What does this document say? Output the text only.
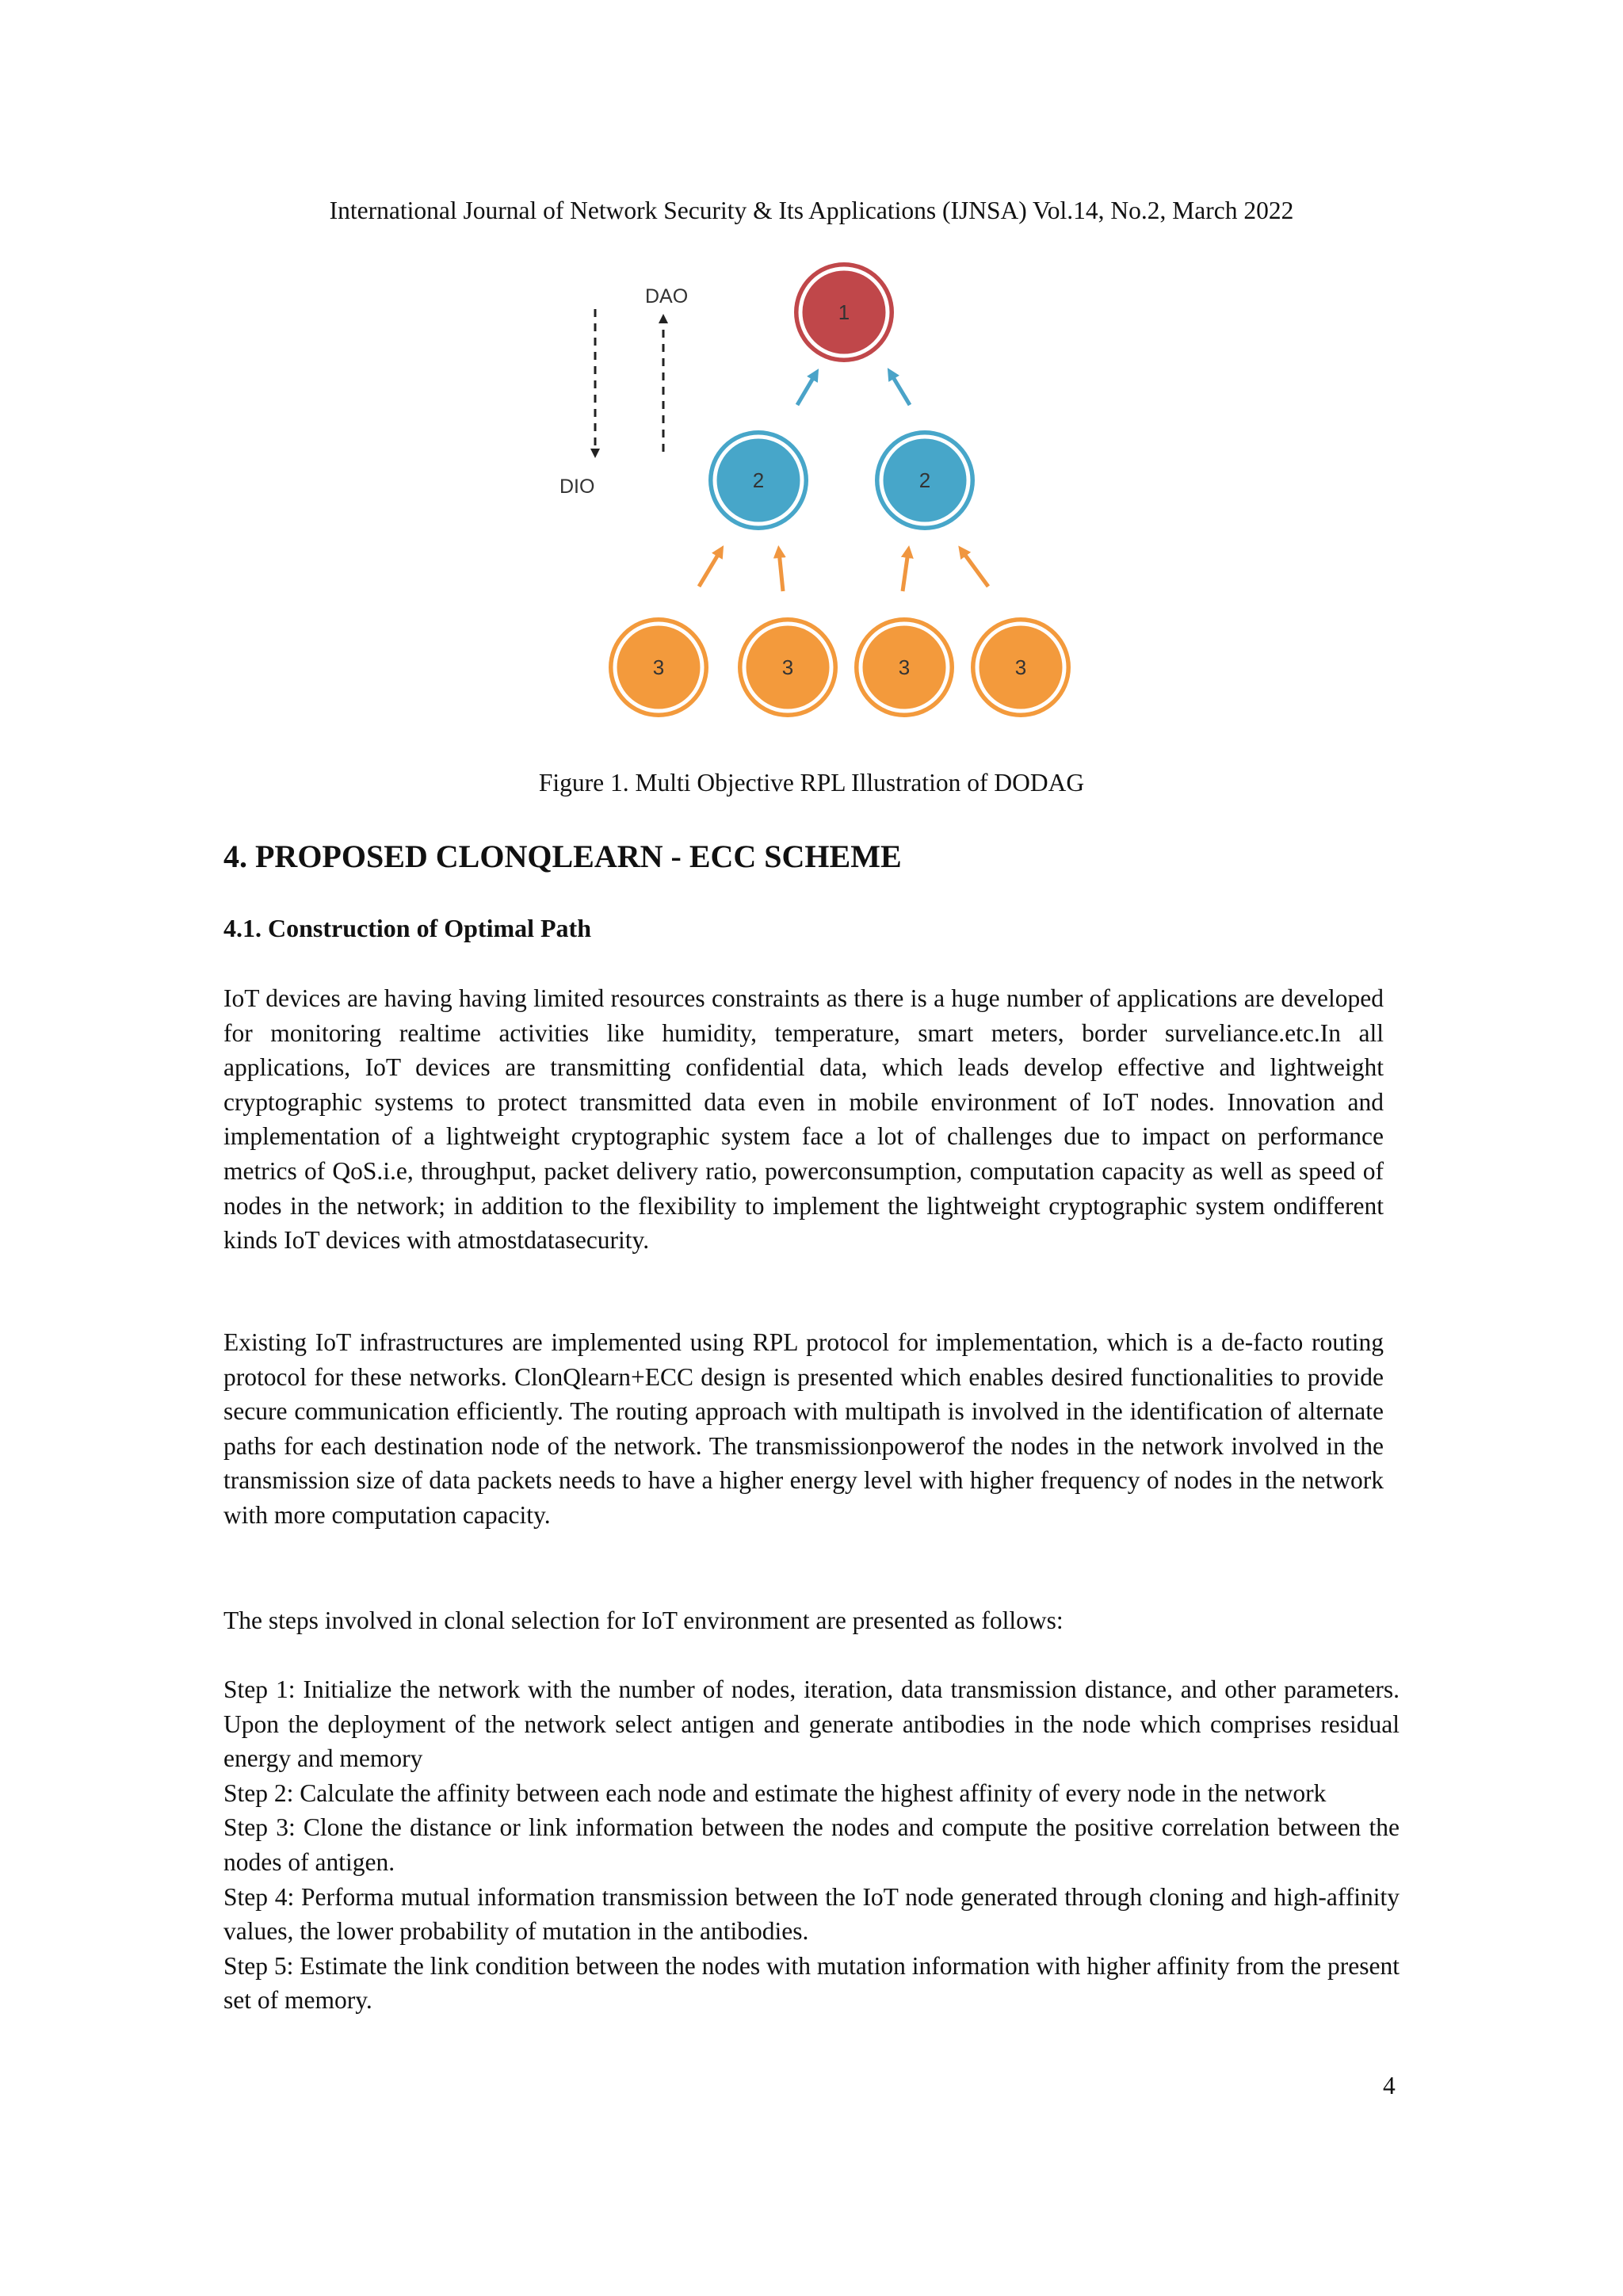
International Journal of Network Security & Its Applications (IJNSA) Vol.14, No.2, March 2022
DIO
DAO
1
2	2
3	3	3	3
Figure 1. Multi Objective RPL Illustration of DODAG
4. PROPOSED CLONQLEARN - ECC SCHEME
4.1. Construction of Optimal Path

IoT devices are having having limited resources constraints as there is a huge number of applications are developed for monitoring realtime activities like humidity, temperature, smart meters, border surveliance.etc.In all applications, IoT devices are transmitting confidential data, which leads develop effective and lightweight cryptographic systems to protect transmitted data even in mobile environment of IoT nodes. Innovation and implementation of a lightweight cryptographic system face a lot of challenges due to impact on performance metrics of QoS.i.e, throughput, packet delivery ratio, powerconsumption, computation capacity as well as speed of nodes in the network; in addition to the flexibility to implement the lightweight cryptographic system ondifferent kinds IoT devices with atmostdatasecurity.

Existing IoT infrastructures are implemented using RPL protocol for implementation, which is a de-facto routing protocol for these networks. ClonQlearn+ECC design is presented which enables desired functionalities to provide secure communication efficiently. The routing approach with multipath is involved in the identification of alternate paths for each destination node of the network. The transmissionpowerof the nodes in the network involved in the transmission size of data packets needs to have a higher energy level with higher frequency of nodes in the network with more computation capacity.

The steps involved in clonal selection for IoT environment are presented as follows:

Step 1: Initialize the network with the number of nodes, iteration, data transmission distance, and other parameters. Upon the deployment of the network select antigen and generate antibodies in the node which comprises residual energy and memory

Step 2: Calculate the affinity between each node and estimate the highest affinity of every node in the network

Step 3: Clone the distance or link information between the nodes and compute the positive correlation between the nodes of antigen.

Step 4: Performa mutual information transmission between the IoT node generated through cloning and high-affinity values, the lower probability of mutation in the antibodies.

Step 5: Estimate the link condition between the nodes with mutation information with higher affinity from the present set of memory.

4
